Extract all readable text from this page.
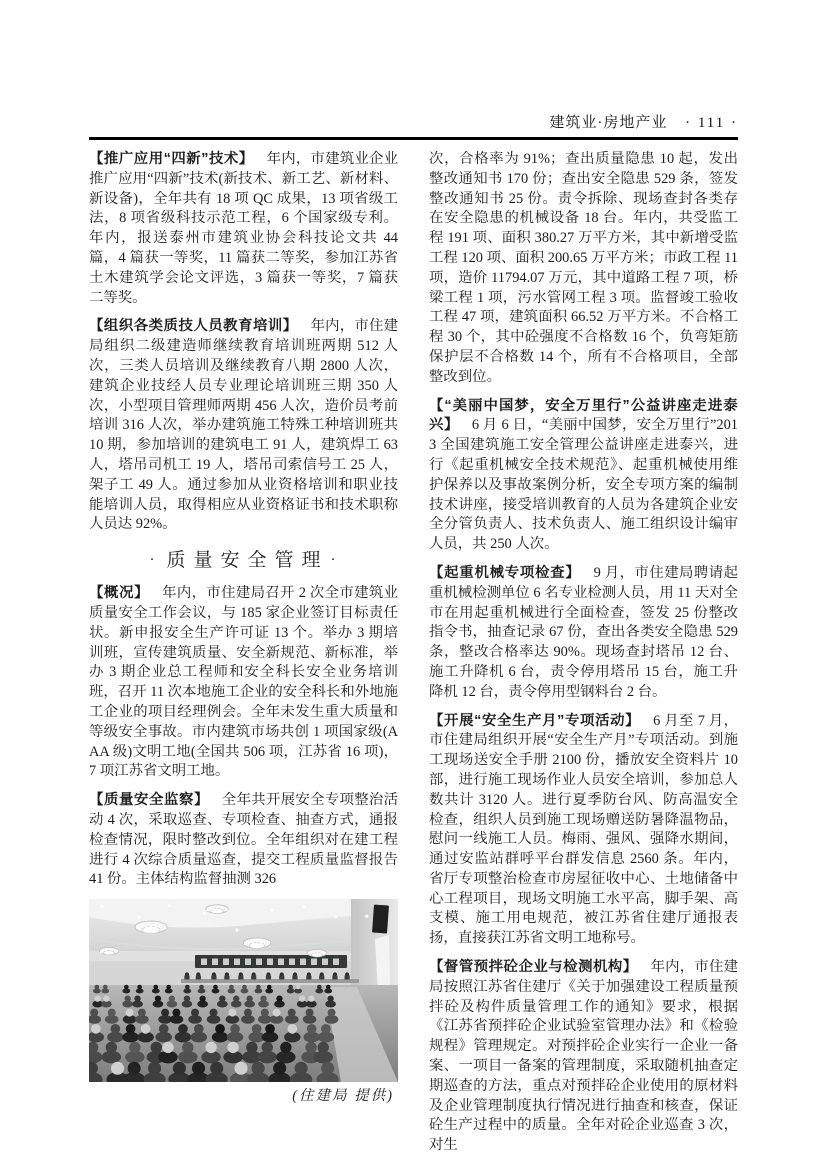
建筑业·房地产业 · 111 ·

【推广应用“四新”技术】 年内，市建筑业企业推广应用“四新”技术(新技术、新工艺、新材料、新设备)，全年共有 18 项 QC 成果，13 项省级工法，8 项省级科技示范工程，6 个国家级专利。年内，报送泰州市建筑业协会科技论文共 44 篇，4 篇获一等奖，11 篇获二等奖，参加江苏省土木建筑学会论文评选，3 篇获一等奖，7 篇获二等奖。

【组织各类质技人员教育培训】 年内，市住建局组织二级建造师继续教育培训班两期 512 人次，三类人员培训及继续教育八期 2800 人次，建筑企业技经人员专业理论培训班三期 350 人次，小型项目管理师两期 456 人次，造价员考前培训 316 人次，举办建筑施工特殊工种培训班共 10 期，参加培训的建筑电工 91 人，建筑焊工 63 人，塔吊司机工 19 人，塔吊司索信号工 25 人，架子工 49 人。通过参加从业资格培训和职业技能培训人员，取得相应从业资格证书和技术职称人员达 92%。

· 质量安全管理 ·

【概况】 年内，市住建局召开 2 次全市建筑业质量安全工作会议，与 185 家企业签订目标责任状。新申报安全生产许可证 13 个。举办 3 期培训班，宣传建筑质量、安全新规范、新标准，举办 3 期企业总工程师和安全科长安全业务培训班，召开 11 次本地施工企业的安全科长和外地施工企业的项目经理例会。全年未发生重大质量和等级安全事故。市内建筑市场共创 1 项国家级(AAA 级)文明工地(全国共 506 项，江苏省 16 项)，7 项江苏省文明工地。

【质量安全监察】 全年共开展安全专项整治活动 4 次，采取巡查、专项检查、抽查方式，通报检查情况，限时整改到位。全年组织对在建工程进行 4 次综合质量巡查，提交工程质量监督报告 41 份。主体结构监督抽测 326

(住建局 提供)

次，合格率为 91%；查出质量隐患 10 起，发出整改通知书 170 份；查出安全隐患 529 条，签发整改通知书 25 份。责令拆除、现场查封各类存在安全隐患的机械设备 18 台。年内，共受监工程 191 项、面积 380.27 万平方米，其中新增受监工程 120 项、面积 200.65 万平方米；市政工程 11 项，造价 11794.07 万元，其中道路工程 7 项，桥梁工程 1 项，污水管网工程 3 项。监督竣工验收工程 47 项，建筑面积 66.52 万平方米。不合格工程 30 个，其中砼强度不合格数 16 个，负弯矩筋保护层不合格数 14 个，所有不合格项目，全部整改到位。

【“美丽中国梦，安全万里行”公益讲座走进泰兴】 6 月 6 日，“美丽中国梦，安全万里行”2013 全国建筑施工安全管理公益讲座走进泰兴，进行《起重机械安全技术规范》、起重机械使用维护保养以及事故案例分析，安全专项方案的编制技术讲座，接受培训教育的人员为各建筑企业安全分管负责人、技术负责人、施工组织设计编审人员，共 250 人次。

【起重机械专项检查】 9 月，市住建局聘请起重机械检测单位 6 名专业检测人员，用 11 天对全市在用起重机械进行全面检查，签发 25 份整改指令书，抽查记录 67 份，查出各类安全隐患 529 条，整改合格率达 90%。现场查封塔吊 12 台、施工升降机 6 台，责令停用塔吊 15 台，施工升降机 12 台，责令停用型钢料台 2 台。

【开展“安全生产月”专项活动】 6 月至 7 月，市住建局组织开展“安全生产月”专项活动。到施工现场送安全手册 2100 份，播放安全资料片 10 部，进行施工现场作业人员安全培训，参加总人数共计 3120 人。进行夏季防台风、防高温安全检查，组织人员到施工现场赠送防暑降温物品，慰问一线施工人员。梅雨、强风、强降水期间，通过安监站群呼平台群发信息 2560 条。年内，省厅专项整治检查市房屋征收中心、土地储备中心工程项目，现场文明施工水平高，脚手架、高支模、施工用电规范，被江苏省住建厅通报表扬，直接获江苏省文明工地称号。

【督管预拌砼企业与检测机构】 年内，市住建局按照江苏省住建厅《关于加强建设工程质量预拌砼及构件质量管理工作的通知》要求，根据《江苏省预拌砼企业试验室管理办法》和《检验规程》管理规定。对预拌砼企业实行一企业一备案、一项目一备案的管理制度，采取随机抽查定期巡查的方法，重点对预拌砼企业使用的原材料及企业管理制度执行情况进行抽查和核查，保证砼生产过程中的质量。全年对砼企业巡查 3 次，对生
